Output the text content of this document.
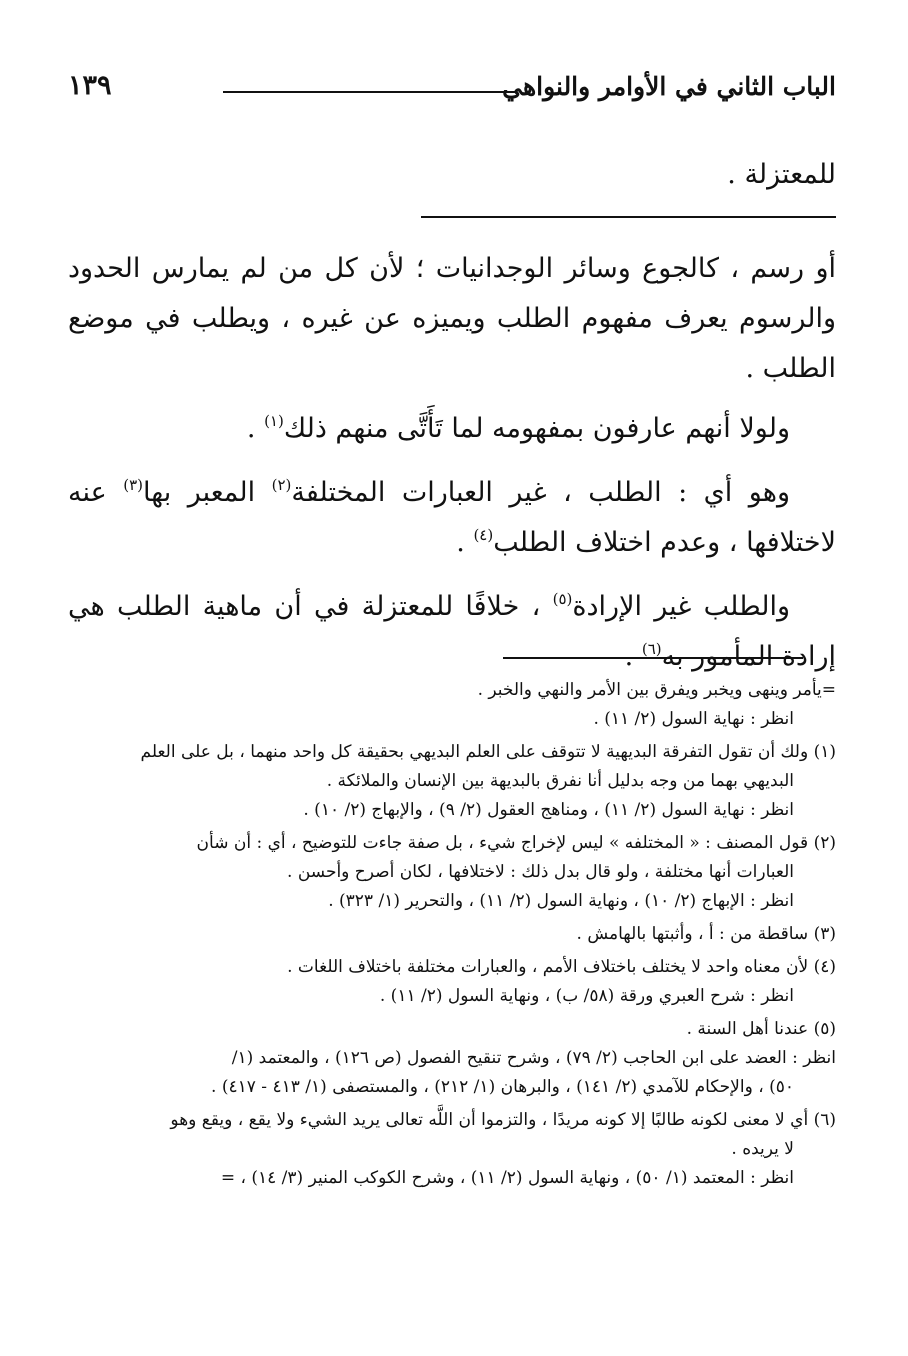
الباب الثاني في الأوامر والنواهي
١٣٩

للمعتزلة .

أو رسم ، كالجوع وسائر الوجدانيات ؛ لأن كل من لم يمارس الحدود والرسوم يعرف مفهوم الطلب ويميزه عن غيره ، ويطلب في موضع الطلب .

ولولا أنهم عارفون بمفهومه لما تَأَتَّى منهم ذلك$^{(١)}$ .

وهو أي : الطلب ، غير العبارات المختلفة$^{(٢)}$ المعبر بها$^{(٣)}$ عنه لاختلافها ، وعدم اختلاف الطلب$^{(٤)}$ .

والطلب غير الإرادة$^{(٥)}$ ، خلافًا للمعتزلة في أن ماهية الطلب هي إرادة المأمور به$^{(٦)}$ .

=يأمر وينهى ويخبر ويفرق بين الأمر والنهي والخبر .

انظر : نهاية السول (٢/ ١١) .

(١) ولك أن تقول التفرقة البديهية لا تتوقف على العلم البديهي بحقيقة كل واحد منهما ، بل على العلم

البديهي بهما من وجه بدليل أنا نفرق بالبديهة بين الإنسان والملائكة .

انظر : نهاية السول (٢/ ١١) ، ومناهج العقول (٢/ ٩) ، والإبهاج (٢/ ١٠) .

(٢) قول المصنف : « المختلفه » ليس لإخراج شيء ، بل صفة جاءت للتوضيح ، أي : أن شأن

العبارات أنها مختلفة ، ولو قال بدل ذلك : لاختلافها ، لكان أصرح وأحسن .

انظر : الإبهاج (٢/ ١٠) ، ونهاية السول (٢/ ١١) ، والتحرير (١/ ٣٢٣) .

(٣) ساقطة من : أ ، وأثبتها بالهامش .

(٤) لأن معناه واحد لا يختلف باختلاف الأمم ، والعبارات مختلفة باختلاف اللغات .

انظر : شرح العبري ورقة (٥٨/ ب) ، ونهاية السول (٢/ ١١) .

(٥) عندنا أهل السنة .

انظر : العضد على ابن الحاجب (٢/ ٧٩) ، وشرح تنقيح الفصول (ص ١٢٦) ، والمعتمد (١/

٥٠) ، والإحكام للآمدي (٢/ ١٤١) ، والبرهان (١/ ٢١٢) ، والمستصفى (١/ ٤١٣ - ٤١٧) .

(٦) أي لا معنى لكونه طالبًا إلا كونه مريدًا ، والتزموا أن اللَّه تعالى يريد الشيء ولا يقع ، ويقع وهو

لا يريده .

انظر : المعتمد (١/ ٥٠) ، ونهاية السول (٢/ ١١) ، وشرح الكوكب المنير (٣/ ١٤) ، =
